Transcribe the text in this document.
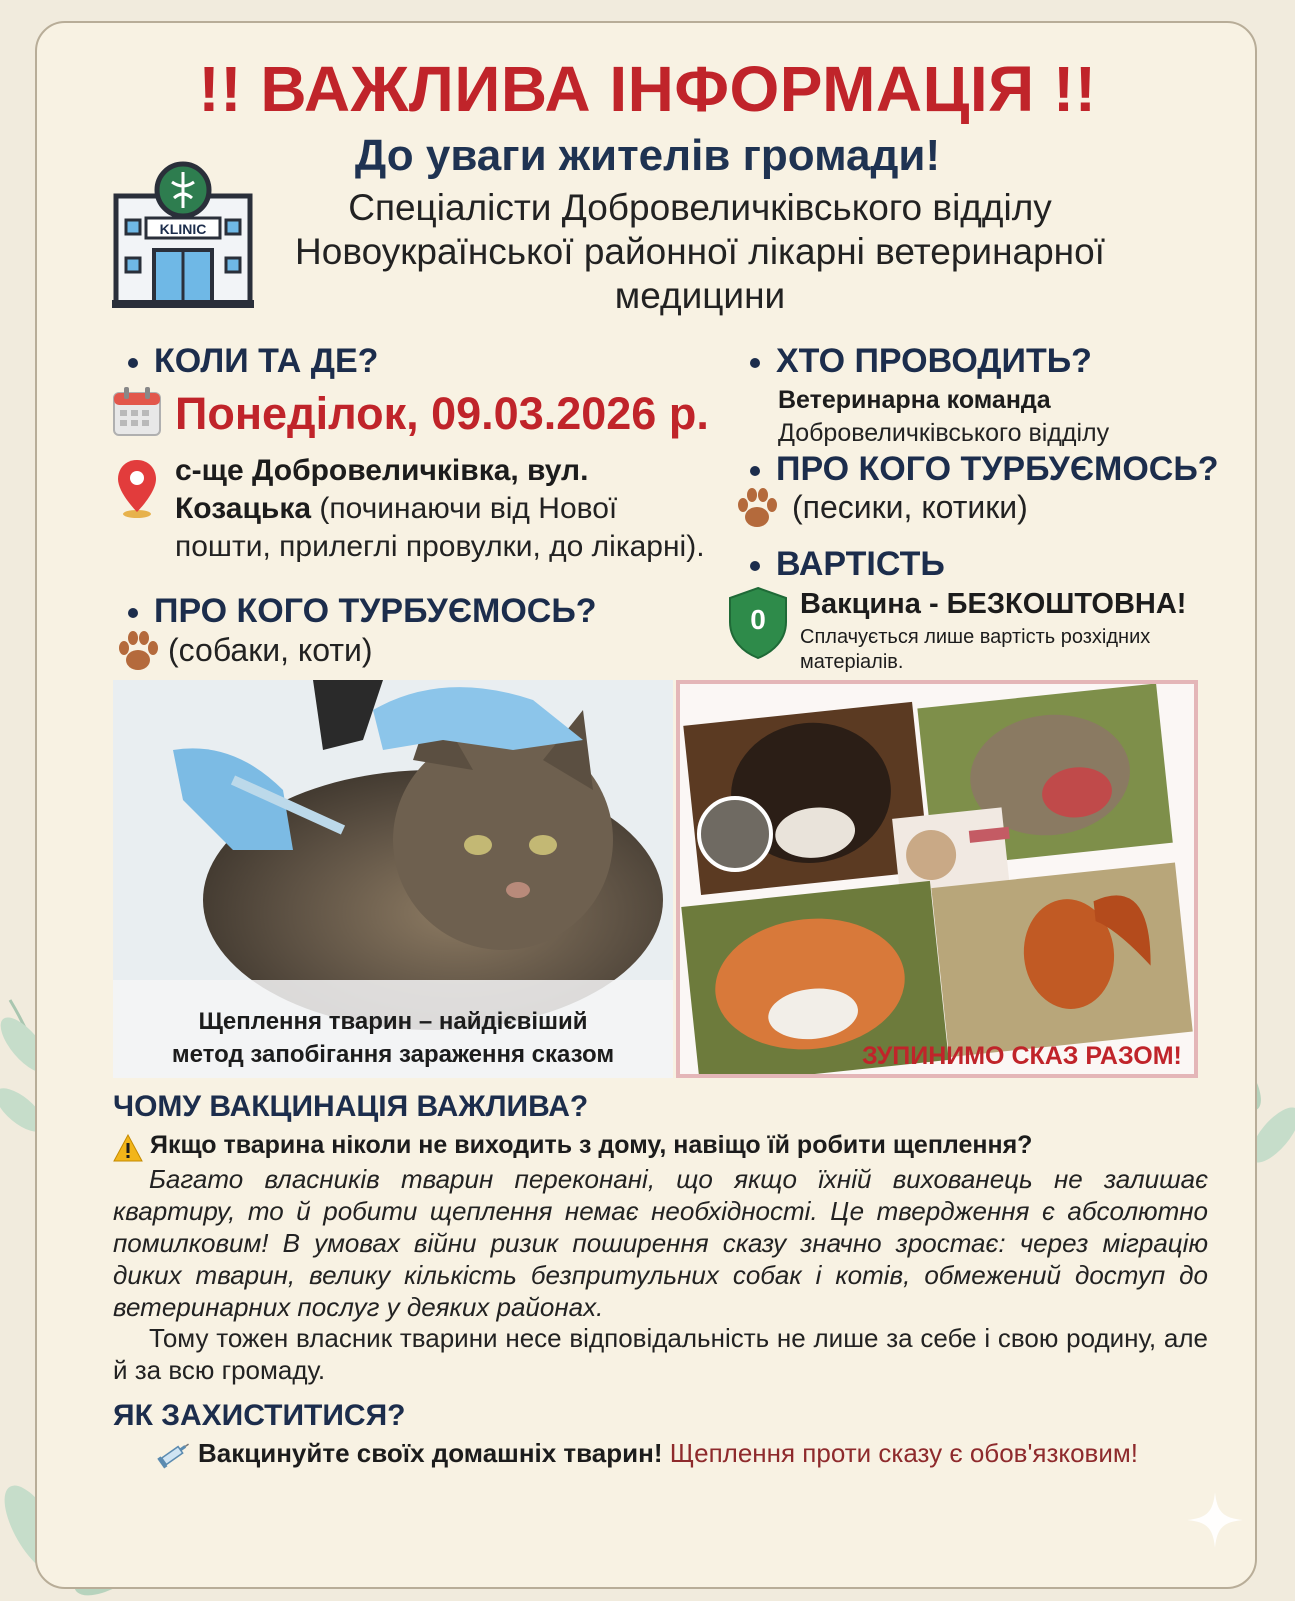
!! ВАЖЛИВА ІНФОРМАЦІЯ !!
До уваги жителів громади!
KLINIC
Спеціалісти Добровеличківського відділу
Новоукраїнської районної лікарні ветеринарної
медицини
КОЛИ ТА ДЕ?
Понеділок, 09.03.2026 р.
с-ще Добровеличківка, вул.
Козацька (починаючи від Нової
пошти, прилеглі провулки, до лікарні).
ПРО КОГО ТУРБУЄМОСЬ?
(собаки, коти)
ХТО ПРОВОДИТЬ?
Ветеринарна команда
Добровеличківського відділу
ПРО КОГО ТУРБУЄМОСЬ?
(песики, котики)
ВАРТІСТЬ
0	Вакцина - БЕЗКОШТОВНА!
Сплачується лише вартість розхідних
матеріалів.
Щеплення тварин – найдієвіший
метод запобігання зараження сказом	ЗУПИНИМО СКАЗ РАЗОМ!
ЧОМУ ВАКЦИНАЦІЯ ВАЖЛИВА?
Якщо тварина ніколи не виходить з дому, навіщо їй робити щеплення?
Багато власників тварин переконані, що якщо їхній вихованець не залишає квартиру, то й робити щеплення немає необхідності. Це твердження є абсолютно помилковим! В умовах війни ризик поширення сказу значно зростає: через міграцію диких тварин, велику кількість безпритульних собак і котів, обмежений доступ до ветеринарних послуг у деяких районах.
Тому тожен власник тварини несе відповідальність не лише за себе і свою родину, але й за всю громаду.
ЯК ЗАХИСТИТИСЯ?
Вакцинуйте своїх домашніх тварин! Щеплення проти сказу є обов'язковим!
